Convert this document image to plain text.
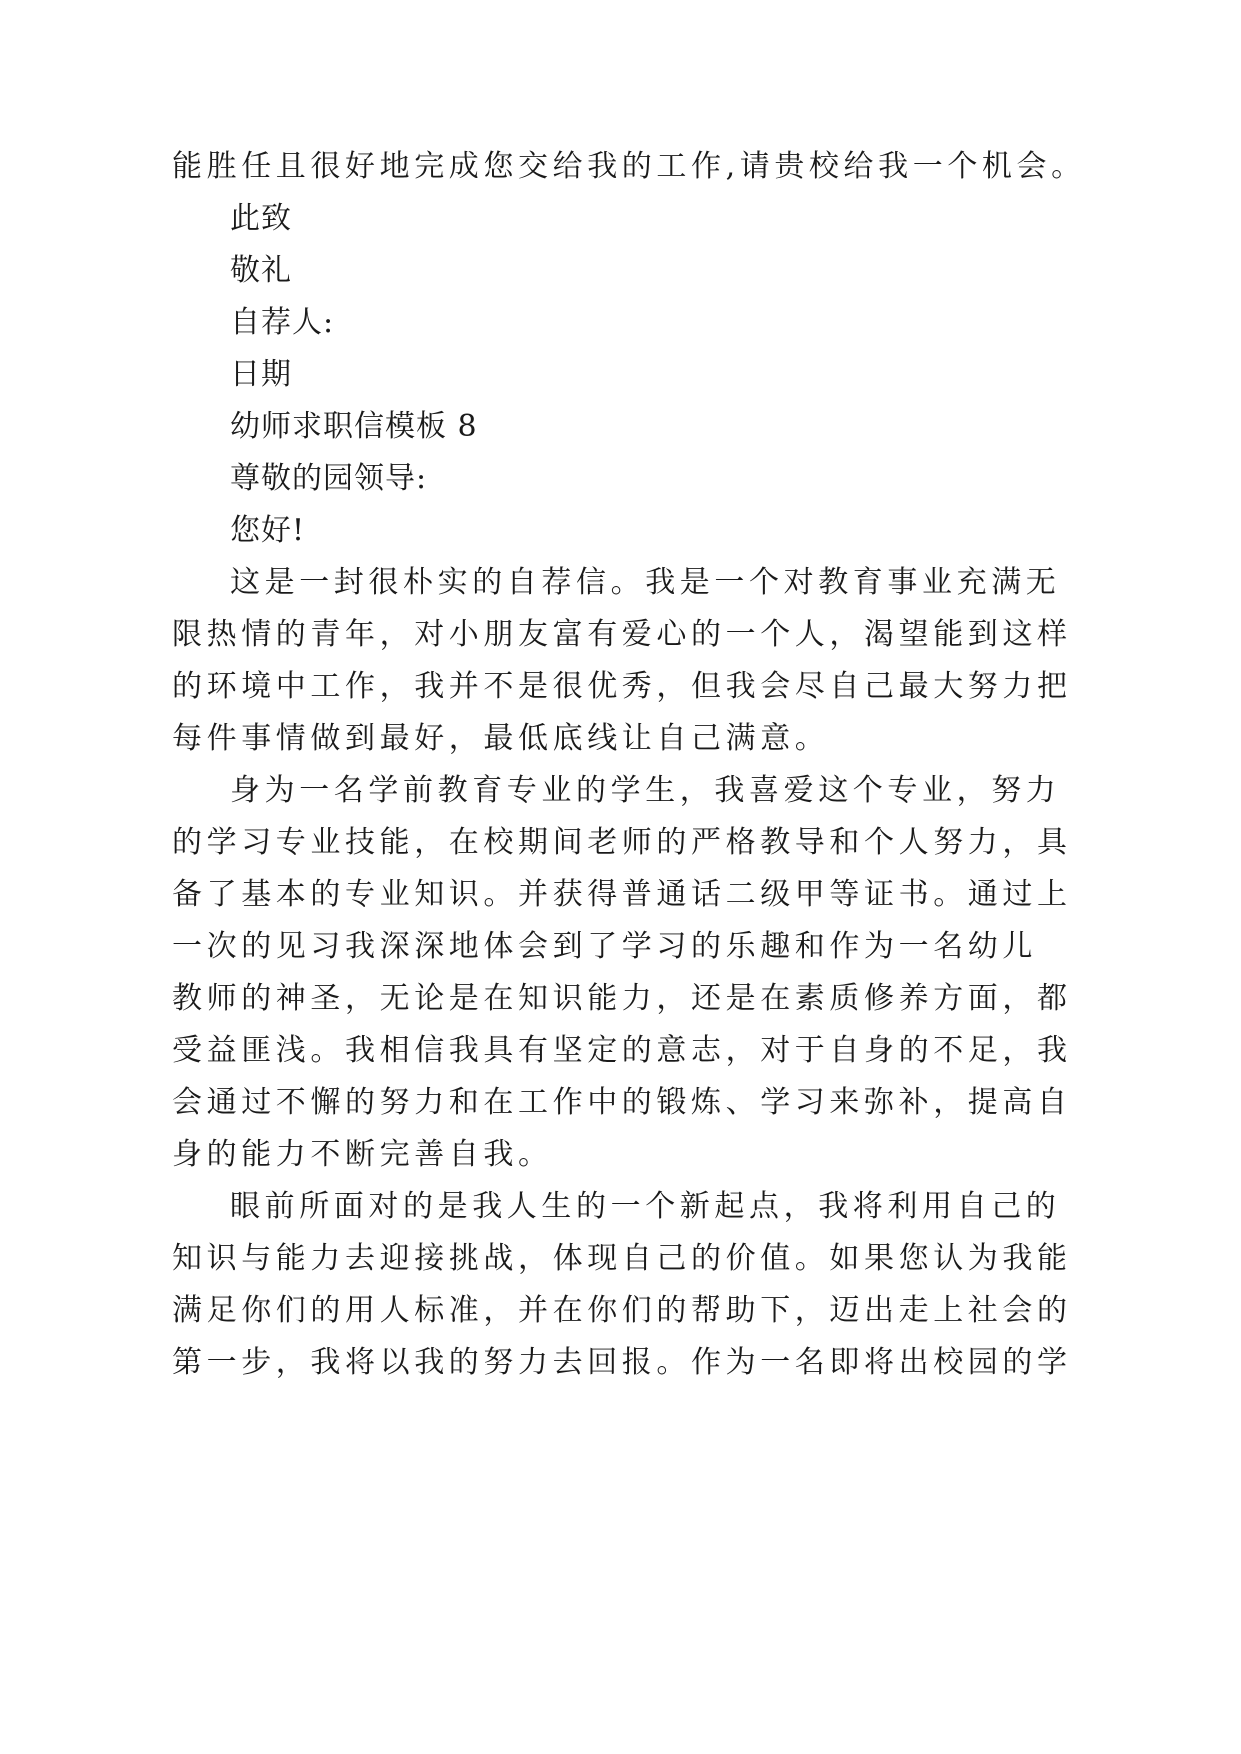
能胜任且很好地完成您交给我的工作,请贵校给我一个机会。
此致
敬礼
自荐人:
日期
幼师求职信模板 8
尊敬的园领导:
您好!
这是一封很朴实的自荐信。我是一个对教育事业充满无
限热情的青年，对小朋友富有爱心的一个人，渴望能到这样
的环境中工作，我并不是很优秀，但我会尽自己最大努力把
每件事情做到最好，最低底线让自己满意。
身为一名学前教育专业的学生，我喜爱这个专业，努力
的学习专业技能，在校期间老师的严格教导和个人努力，具
备了基本的专业知识。并获得普通话二级甲等证书。通过上
一次的见习我深深地体会到了学习的乐趣和作为一名幼儿
教师的神圣，无论是在知识能力，还是在素质修养方面，都
受益匪浅。我相信我具有坚定的意志，对于自身的不足，我
会通过不懈的努力和在工作中的锻炼、学习来弥补，提高自
身的能力不断完善自我。
眼前所面对的是我人生的一个新起点，我将利用自己的
知识与能力去迎接挑战，体现自己的价值。如果您认为我能
满足你们的用人标准，并在你们的帮助下，迈出走上社会的
第一步，我将以我的努力去回报。作为一名即将出校园的学
